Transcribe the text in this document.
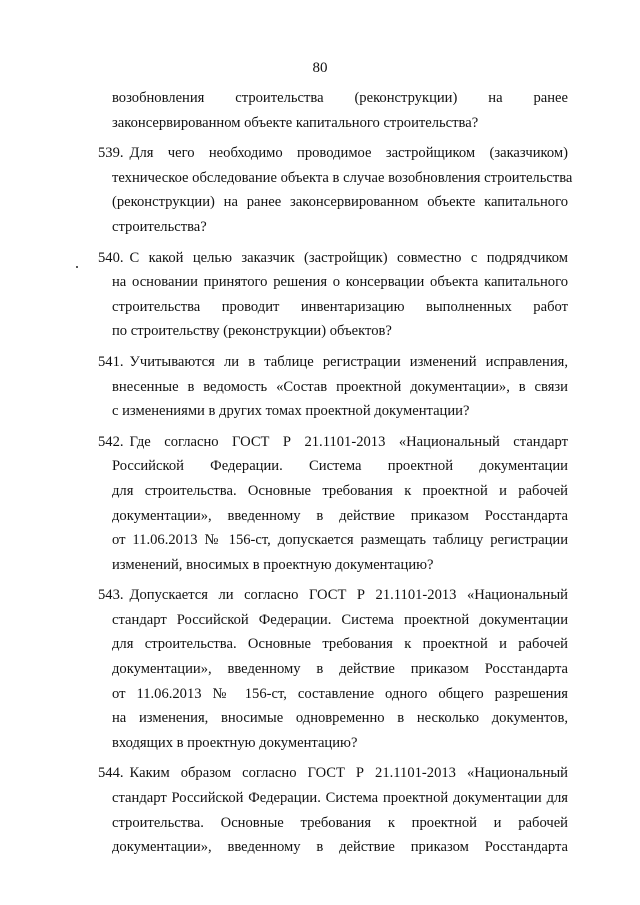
80
возобновления строительства (реконструкции) на ранее
законсервированном объекте капитального строительства?
539. Для чего необходимо проводимое застройщиком (заказчиком)
техническое обследование объекта в случае возобновления строительства
(реконструкции) на ранее законсервированном объекте капитального
строительства?
540. С какой целью заказчик (застройщик) совместно с подрядчиком
на основании принятого решения о консервации объекта капитального
строительства проводит инвентаризацию выполненных работ
по строительству (реконструкции) объектов?
541. Учитываются ли в таблице регистрации изменений исправления,
внесенные в ведомость «Состав проектной документации», в связи
с изменениями в других томах проектной документации?
542. Где согласно ГОСТ Р 21.1101-2013 «Национальный стандарт
Российской Федерации. Система проектной документации
для строительства. Основные требования к проектной и рабочей
документации», введенному в действие приказом Росстандарта
от 11.06.2013 № 156-ст, допускается размещать таблицу регистрации
изменений, вносимых в проектную документацию?
543. Допускается ли согласно ГОСТ Р 21.1101-2013 «Национальный
стандарт Российской Федерации. Система проектной документации
для строительства. Основные требования к проектной и рабочей
документации», введенному в действие приказом Росстандарта
от 11.06.2013 № 156-ст, составление одного общего разрешения
на изменения, вносимые одновременно в несколько документов,
входящих в проектную документацию?
544. Каким образом согласно ГОСТ Р 21.1101-2013 «Национальный
стандарт Российской Федерации. Система проектной документации для
строительства. Основные требования к проектной и рабочей
документации», введенному в действие приказом Росстандарта
